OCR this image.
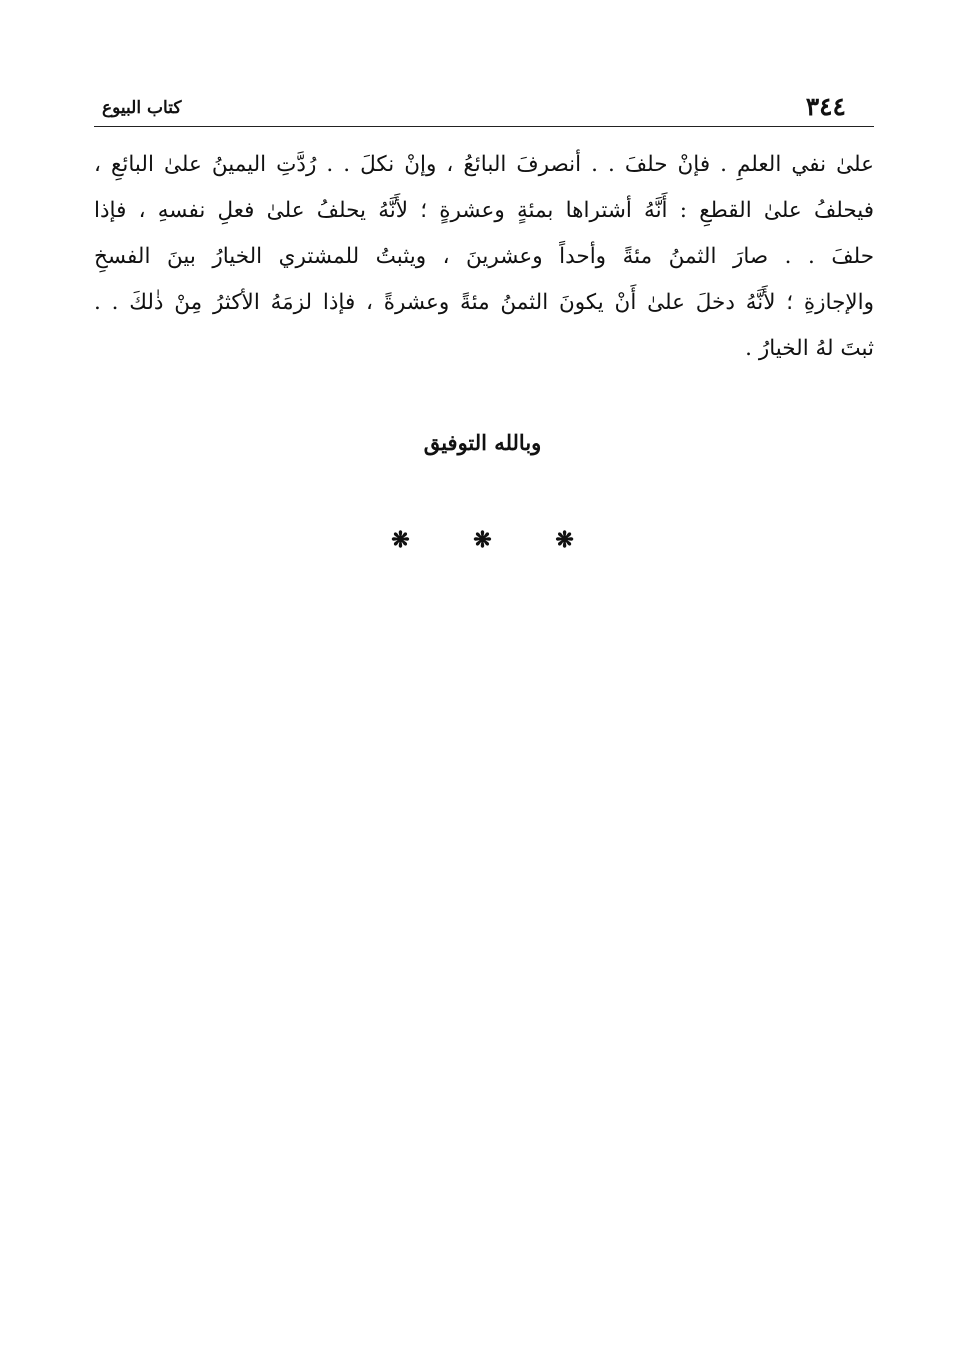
٣٤٤
كتاب البيوع
علىٰ نفي العلمِ . فإنْ حلفَ . . أنصرفَ البائعُ ، وإنْ نكلَ . . رُدَّتِ اليمينُ علىٰ البائعِ ،
فيحلفُ علىٰ القطعِ : أَنَّهُ أشتراها بمئةٍ وعشرةٍ ؛ لأَنَّهُ يحلفُ علىٰ فعلِ نفسهِ ، فإذا
حلفَ . . صارَ الثمنُ مئةً وأحداً وعشرينَ ، ويثبتُ للمشتري الخيارُ بينَ الفسخِ
والإجازةِ ؛ لأَنَّهُ دخلَ علىٰ أَنْ يكونَ الثمنُ مئةً وعشرةً ، فإذا لزمَهُ الأكثرُ مِنْ ذٰلكَ . .
ثبتَ لهُ الخيارُ .
وبالله التوفيق
❋ ❋ ❋
